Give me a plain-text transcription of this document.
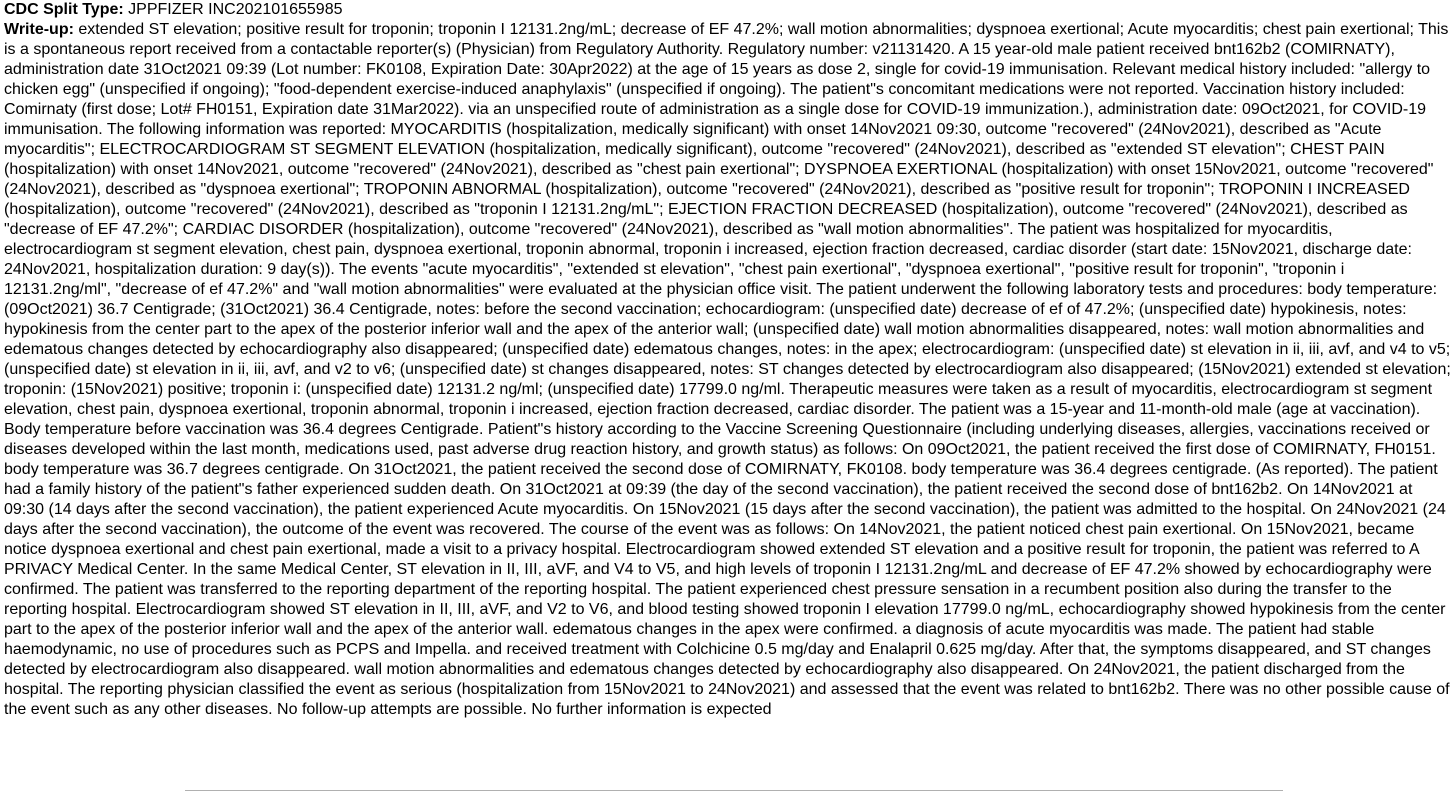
CDC Split Type: JPPFIZER INC202101655985

Write-up: extended ST elevation; positive result for troponin; troponin I 12131.2ng/mL; decrease of EF 47.2%; wall motion abnormalities; dyspnoea exertional; Acute myocarditis; chest pain exertional; This is a spontaneous report received from a contactable reporter(s) (Physician) from Regulatory Authority. Regulatory number: v21131420. A 15 year-old male patient received bnt162b2 (COMIRNATY), administration date 31Oct2021 09:39 (Lot number: FK0108, Expiration Date: 30Apr2022) at the age of 15 years as dose 2, single for covid-19 immunisation. Relevant medical history included: "allergy to chicken egg" (unspecified if ongoing); "food-dependent exercise-induced anaphylaxis" (unspecified if ongoing). The patient"s concomitant medications were not reported. Vaccination history included: Comirnaty (first dose; Lot# FH0151, Expiration date 31Mar2022). via an unspecified route of administration as a single dose for COVID-19 immunization.), administration date: 09Oct2021, for COVID-19 immunisation. The following information was reported: MYOCARDITIS (hospitalization, medically significant) with onset 14Nov2021 09:30, outcome "recovered" (24Nov2021), described as "Acute myocarditis"; ELECTROCARDIOGRAM ST SEGMENT ELEVATION (hospitalization, medically significant), outcome "recovered" (24Nov2021), described as "extended ST elevation"; CHEST PAIN (hospitalization) with onset 14Nov2021, outcome "recovered" (24Nov2021), described as "chest pain exertional"; DYSPNOEA EXERTIONAL (hospitalization) with onset 15Nov2021, outcome "recovered" (24Nov2021), described as "dyspnoea exertional"; TROPONIN ABNORMAL (hospitalization), outcome "recovered" (24Nov2021), described as "positive result for troponin"; TROPONIN I INCREASED (hospitalization), outcome "recovered" (24Nov2021), described as "troponin I 12131.2ng/mL"; EJECTION FRACTION DECREASED (hospitalization), outcome "recovered" (24Nov2021), described as "decrease of EF 47.2%"; CARDIAC DISORDER (hospitalization), outcome "recovered" (24Nov2021), described as "wall motion abnormalities". The patient was hospitalized for myocarditis, electrocardiogram st segment elevation, chest pain, dyspnoea exertional, troponin abnormal, troponin i increased, ejection fraction decreased, cardiac disorder (start date: 15Nov2021, discharge date: 24Nov2021, hospitalization duration: 9 day(s)). The events "acute myocarditis", "extended st elevation", "chest pain exertional", "dyspnoea exertional", "positive result for troponin", "troponin i 12131.2ng/ml", "decrease of ef 47.2%" and "wall motion abnormalities" were evaluated at the physician office visit. The patient underwent the following laboratory tests and procedures: body temperature: (09Oct2021) 36.7 Centigrade; (31Oct2021) 36.4 Centigrade, notes: before the second vaccination; echocardiogram: (unspecified date) decrease of ef of 47.2%; (unspecified date) hypokinesis, notes: hypokinesis from the center part to the apex of the posterior inferior wall and the apex of the anterior wall; (unspecified date) wall motion abnormalities disappeared, notes: wall motion abnormalities and edematous changes detected by echocardiography also disappeared; (unspecified date) edematous changes, notes: in the apex; electrocardiogram: (unspecified date) st elevation in ii, iii, avf, and v4 to v5; (unspecified date) st elevation in ii, iii, avf, and v2 to v6; (unspecified date) st changes disappeared, notes: ST changes detected by electrocardiogram also disappeared; (15Nov2021) extended st elevation; troponin: (15Nov2021) positive; troponin i: (unspecified date) 12131.2 ng/ml; (unspecified date) 17799.0 ng/ml. Therapeutic measures were taken as a result of myocarditis, electrocardiogram st segment elevation, chest pain, dyspnoea exertional, troponin abnormal, troponin i increased, ejection fraction decreased, cardiac disorder. The patient was a 15-year and 11-month-old male (age at vaccination). Body temperature before vaccination was 36.4 degrees Centigrade. Patient"s history according to the Vaccine Screening Questionnaire (including underlying diseases, allergies, vaccinations received or diseases developed within the last month, medications used, past adverse drug reaction history, and growth status) as follows: On 09Oct2021, the patient received the first dose of COMIRNATY, FH0151. body temperature was 36.7 degrees centigrade. On 31Oct2021, the patient received the second dose of COMIRNATY, FK0108. body temperature was 36.4 degrees centigrade. (As reported). The patient had a family history of the patient"s father experienced sudden death. On 31Oct2021 at 09:39 (the day of the second vaccination), the patient received the second dose of bnt162b2. On 14Nov2021 at 09:30 (14 days after the second vaccination), the patient experienced Acute myocarditis. On 15Nov2021 (15 days after the second vaccination), the patient was admitted to the hospital. On 24Nov2021 (24 days after the second vaccination), the outcome of the event was recovered. The course of the event was as follows: On 14Nov2021, the patient noticed chest pain exertional. On 15Nov2021, became notice dyspnoea exertional and chest pain exertional, made a visit to a privacy hospital. Electrocardiogram showed extended ST elevation and a positive result for troponin, the patient was referred to A PRIVACY Medical Center. In the same Medical Center, ST elevation in II, III, aVF, and V4 to V5, and high levels of troponin I 12131.2ng/mL and decrease of EF 47.2% showed by echocardiography were confirmed. The patient was transferred to the reporting department of the reporting hospital. The patient experienced chest pressure sensation in a recumbent position also during the transfer to the reporting hospital. Electrocardiogram showed ST elevation in II, III, aVF, and V2 to V6, and blood testing showed troponin I elevation 17799.0 ng/mL, echocardiography showed hypokinesis from the center part to the apex of the posterior inferior wall and the apex of the anterior wall. edematous changes in the apex were confirmed. a diagnosis of acute myocarditis was made. The patient had stable haemodynamic, no use of procedures such as PCPS and Impella. and received treatment with Colchicine 0.5 mg/day and Enalapril 0.625 mg/day. After that, the symptoms disappeared, and ST changes detected by electrocardiogram also disappeared. wall motion abnormalities and edematous changes detected by echocardiography also disappeared. On 24Nov2021, the patient discharged from the hospital. The reporting physician classified the event as serious (hospitalization from 15Nov2021 to 24Nov2021) and assessed that the event was related to bnt162b2. There was no other possible cause of the event such as any other diseases. No follow-up attempts are possible. No further information is expected
